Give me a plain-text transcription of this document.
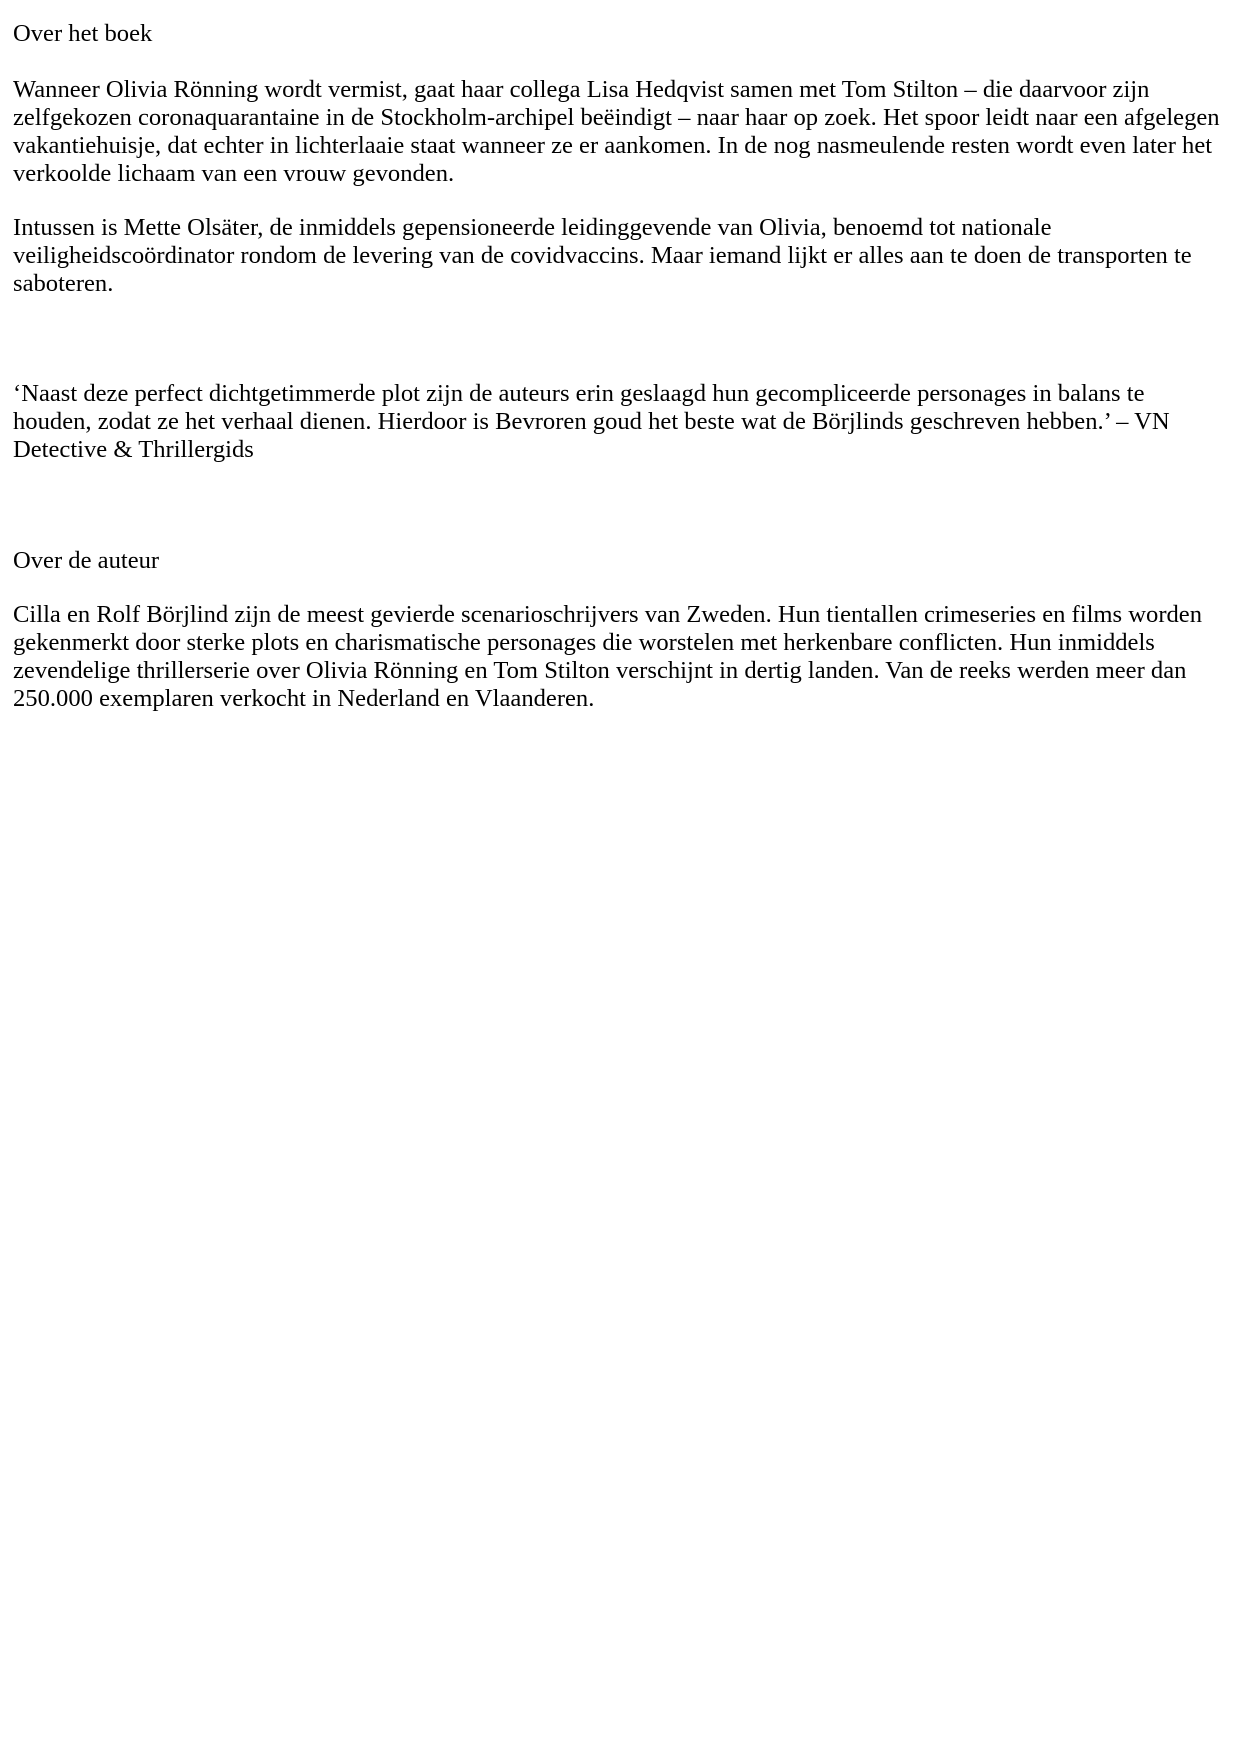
Over het boek

Wanneer Olivia Rönning wordt vermist, gaat haar collega Lisa Hedqvist samen met Tom Stilton – die daarvoor zijn zelfgekozen coronaquarantaine in de Stockholm-archipel beëindigt – naar haar op zoek. Het spoor leidt naar een afgelegen vakantiehuisje, dat echter in lichterlaaie staat wanneer ze er aankomen. In de nog nasmeulende resten wordt even later het verkoolde lichaam van een vrouw gevonden.

Intussen is Mette Olsäter, de inmiddels gepensioneerde leidinggevende van Olivia, benoemd tot nationale veiligheidscoördinator rondom de levering van de covidvaccins. Maar iemand lijkt er alles aan te doen de transporten te saboteren.

‘Naast deze perfect dichtgetimmerde plot zijn de auteurs erin geslaagd hun gecompliceerde personages in balans te houden, zodat ze het verhaal dienen. Hierdoor is Bevroren goud het beste wat de Börjlinds geschreven hebben.’ – VN Detective & Thrillergids

Over de auteur

Cilla en Rolf Börjlind zijn de meest gevierde scenarioschrijvers van Zweden. Hun tientallen crimeseries en films worden gekenmerkt door sterke plots en charismatische personages die worstelen met herkenbare conflicten. Hun inmiddels zevendelige thrillerserie over Olivia Rönning en Tom Stilton verschijnt in dertig landen. Van de reeks werden meer dan 250.000 exemplaren verkocht in Nederland en Vlaanderen.
